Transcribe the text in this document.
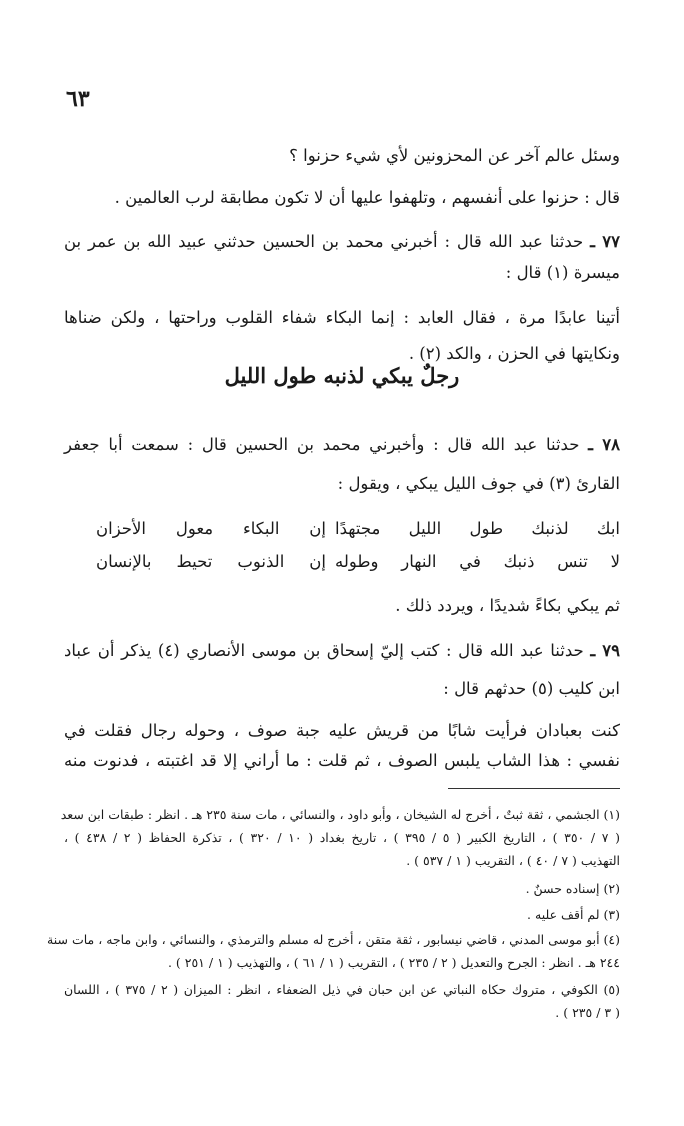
٦٣
وسئل عالم آخر عن المحزونين لأي شيء حزنوا ؟
قال : حزنوا على أنفسهم ، وتلهفوا عليها أن لا تكون مطابقة لرب العالمين .
٧٧ ـ حدثنا عبد الله قال : أخبرني محمد بن الحسين حدثني عبيد الله بن عمر بن
ميسرة (١) قال :
أتينا عابدًا مرة ، فقال العابد : إنما البكاء شفاء القلوب وراحتها ، ولكن ضناها
ونكايتها في الحزن ، والكد (٢) .
رجلٌ يبكي لذنبه طول الليل
٧٨ ـ حدثنا عبد الله قال : وأخبرني محمد بن الحسين قال : سمعت أبا جعفر
القارئ (٣) في جوف الليل يبكي ، ويقول :
ابك لذنبك طول الليل مجتهدًا
إن البكاء معول الأحزان
لا تنس ذنبك في النهار وطوله
إن الذنوب تحيط بالإنسان
ثم يبكي بكاءً شديدًا ، ويردد ذلك .
٧٩ ـ حدثنا عبد الله قال : كتب إليّ إسحاق بن موسى الأنصاري (٤) يذكر أن عباد
ابن كليب (٥) حدثهم قال :
كنت بعبادان فرأيت شابًا من قريش عليه جبة صوف ، وحوله رجال فقلت في
نفسي : هذا الشاب يلبس الصوف ، ثم قلت : ما أراني إلا قد اغتبته ، فدنوت منه
(١) الجشمي ، ثقة ثبتٌ ، أخرج له الشيخان ، وأبو داود ، والنسائي ، مات سنة ٢٣٥ هـ . انظر : طبقات ابن سعد
( ٧ / ٣٥٠ ) ، التاريخ الكبير ( ٥ / ٣٩٥ ) ، تاريخ بغداد ( ١٠ / ٣٢٠ ) ، تذكرة الحفاظ ( ٢ / ٤٣٨ ) ،
التهذيب ( ٧ / ٤٠ ) ، التقريب ( ١ / ٥٣٧ ) .
(٢) إسناده حسنٌ .
(٣) لم أقف عليه .
(٤) أبو موسى المدني ، قاضي نيسابور ، ثقة متقن ، أخرج له مسلم والترمذي ، والنسائي ، وابن ماجه ، مات سنة
٢٤٤ هـ . انظر : الجرح والتعديل ( ٢ / ٢٣٥ ) ، التقريب ( ١ / ٦١ ) ، والتهذيب ( ١ / ٢٥١ ) .
(٥) الكوفي ، متروك حكاه النباتي عن ابن حبان في ذيل الضعفاء ، انظر : الميزان ( ٢ / ٣٧٥ ) ، اللسان
( ٣ / ٢٣٥ ) .
